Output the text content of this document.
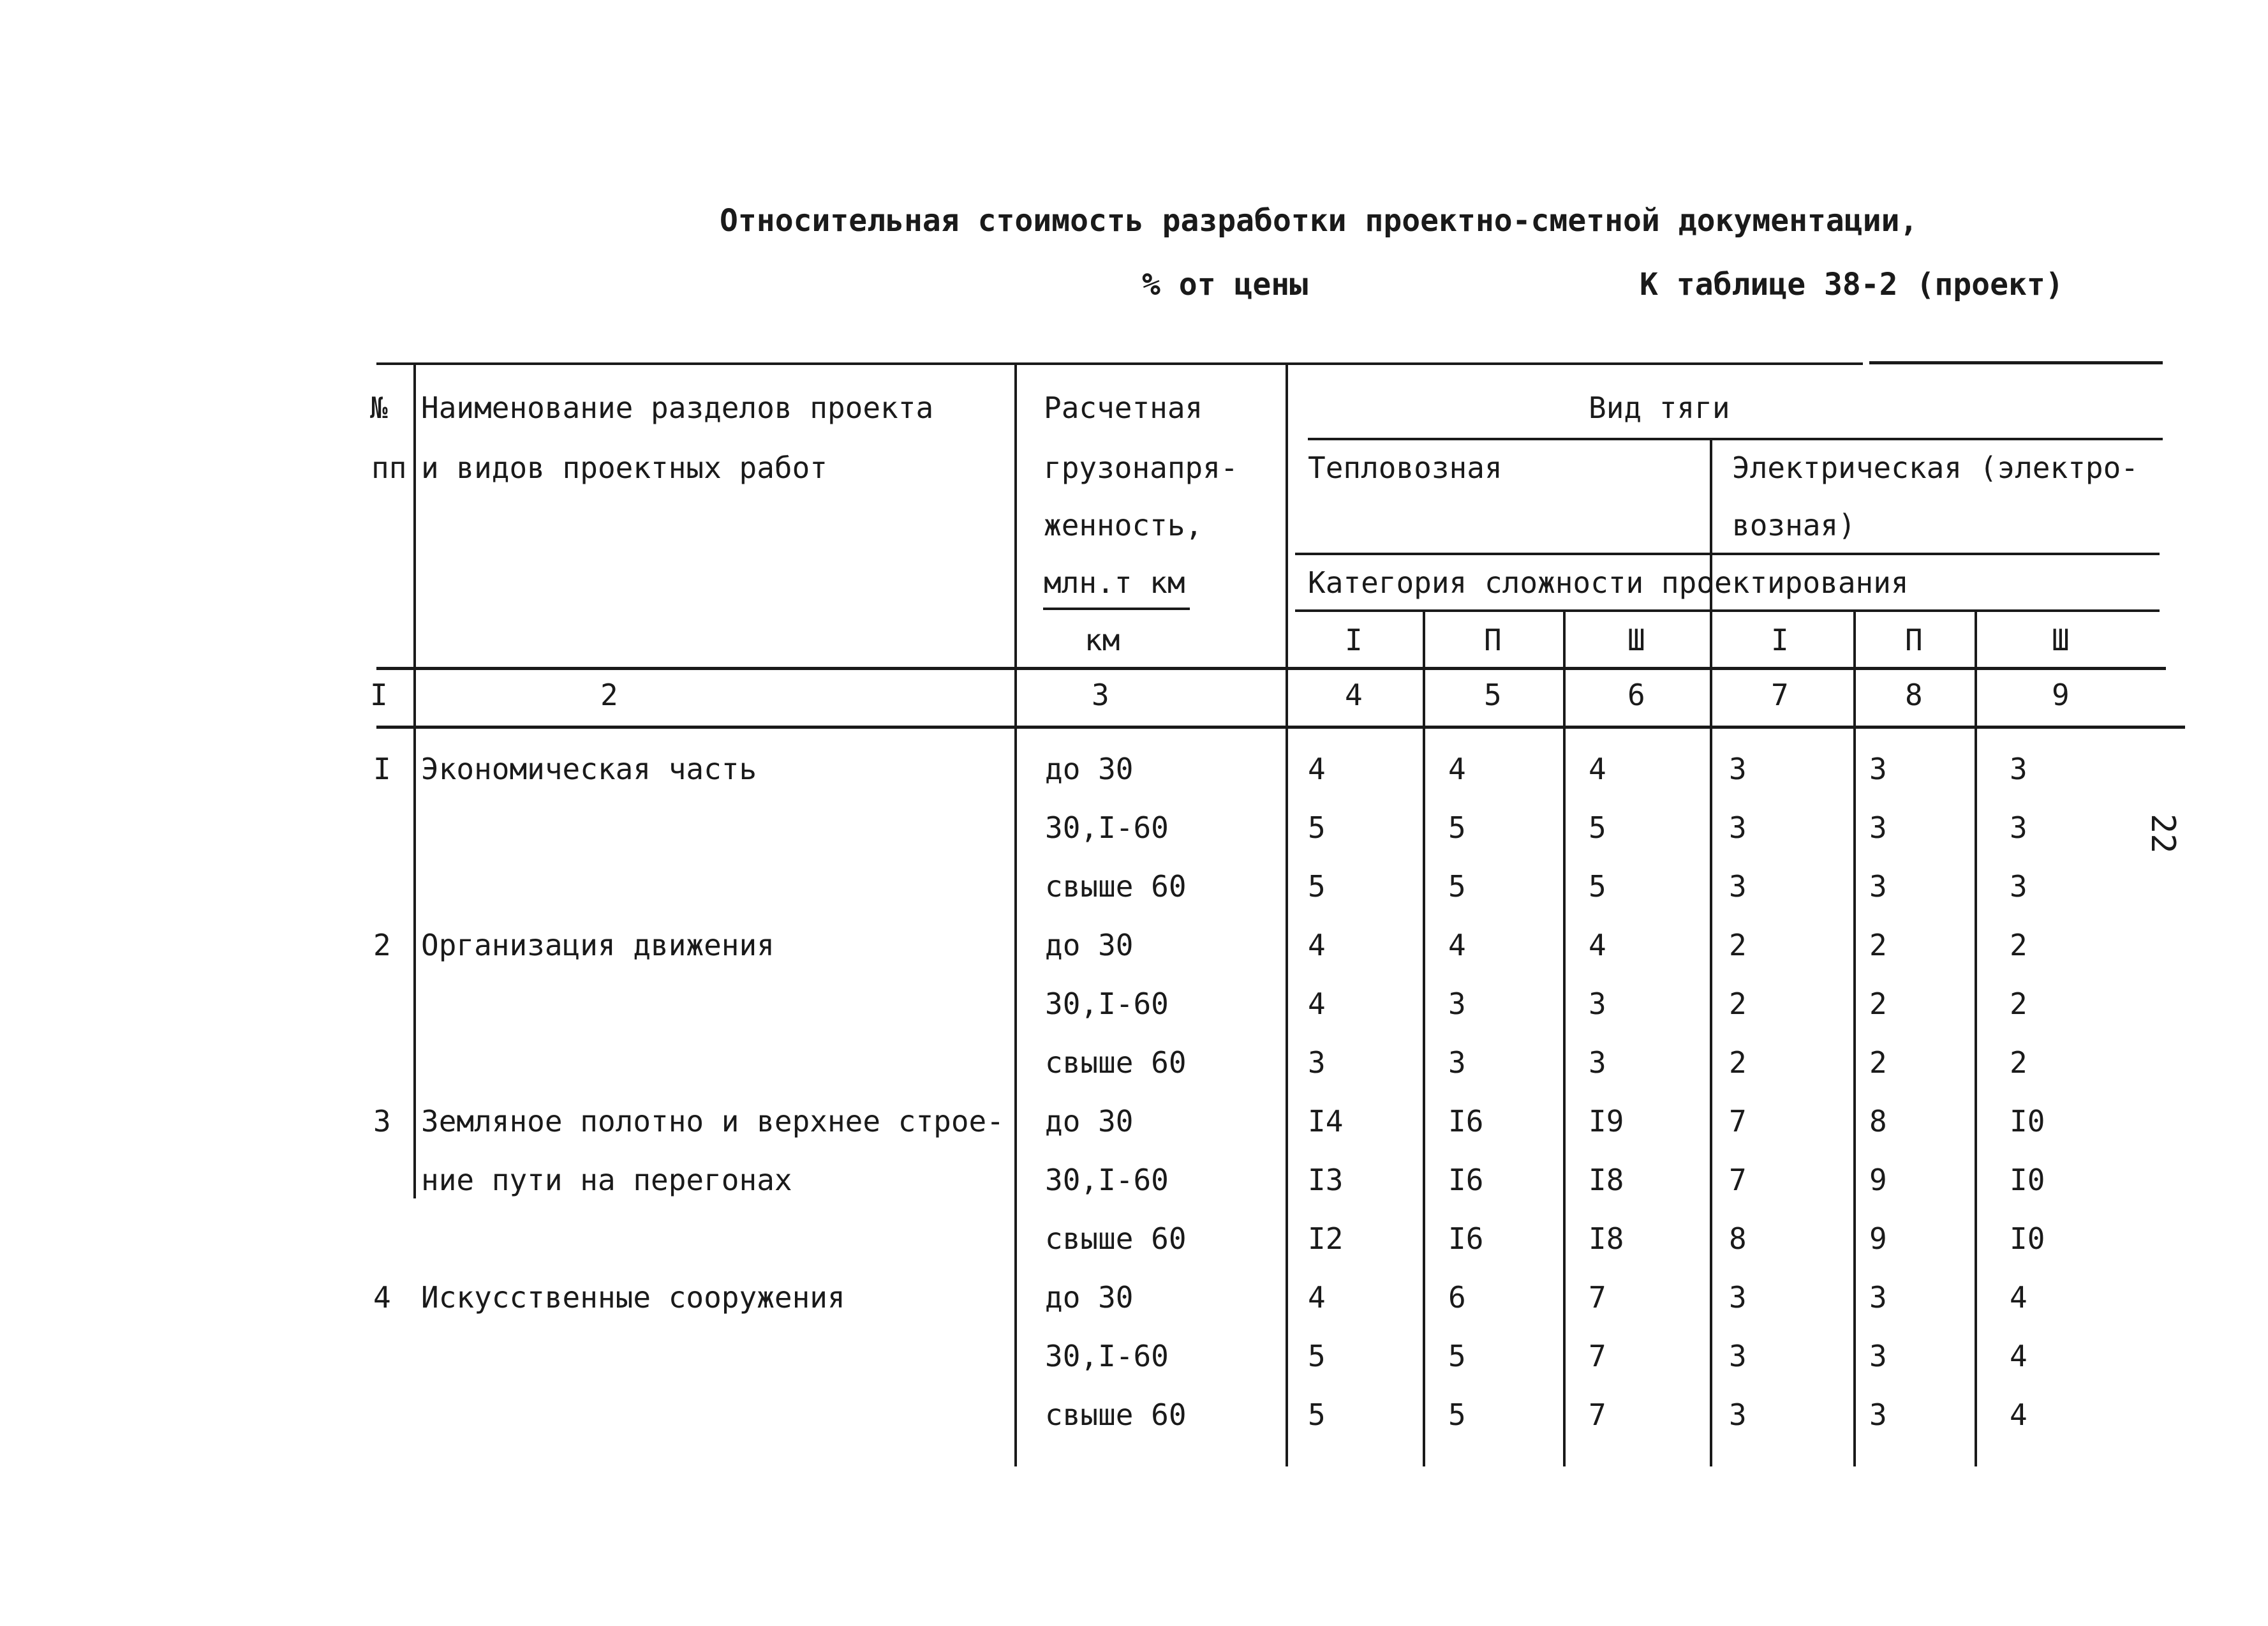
Относительная стоимость разработки проектно-сметной документации,
% от цены	К таблице 38-2 (проект)
22
№
пп
Наименование разделов проекта
и видов проектных работ
Расчетная
грузонапря-
женность,
млн.т км
км
Вид тяги
Тепловозная	Электрическая (электро-
возная)
Категория сложности проектирования
I	П	Ш	I	П	Ш
I	2	3	4	5	6	7	8	9
I Экономическая часть	до 30	4	4	4	3	3	3
30,I-60	5	5	5	3	3	3
свыше 60	5	5	5	3	3	3
2 Организация движения	до 30	4	4	4	2	2	2
30,I-60	4	3	3	2	2	2
свыше 60	3	3	3	2	2	2
3 Земляное полотно и верхнее строе-
ние пути на перегонах
до 30	I4	I6	I9	7	8	I0
30,I-60	I3	I6	I8	7	9	I0
свыше 60	I2	I6	I8	8	9	I0
4 Искусственные сооружения	до 30	4	6	7	3	3	4
30,I-60	5	5	7	3	3	4
свыше 60	5	5	7	3	3	4
